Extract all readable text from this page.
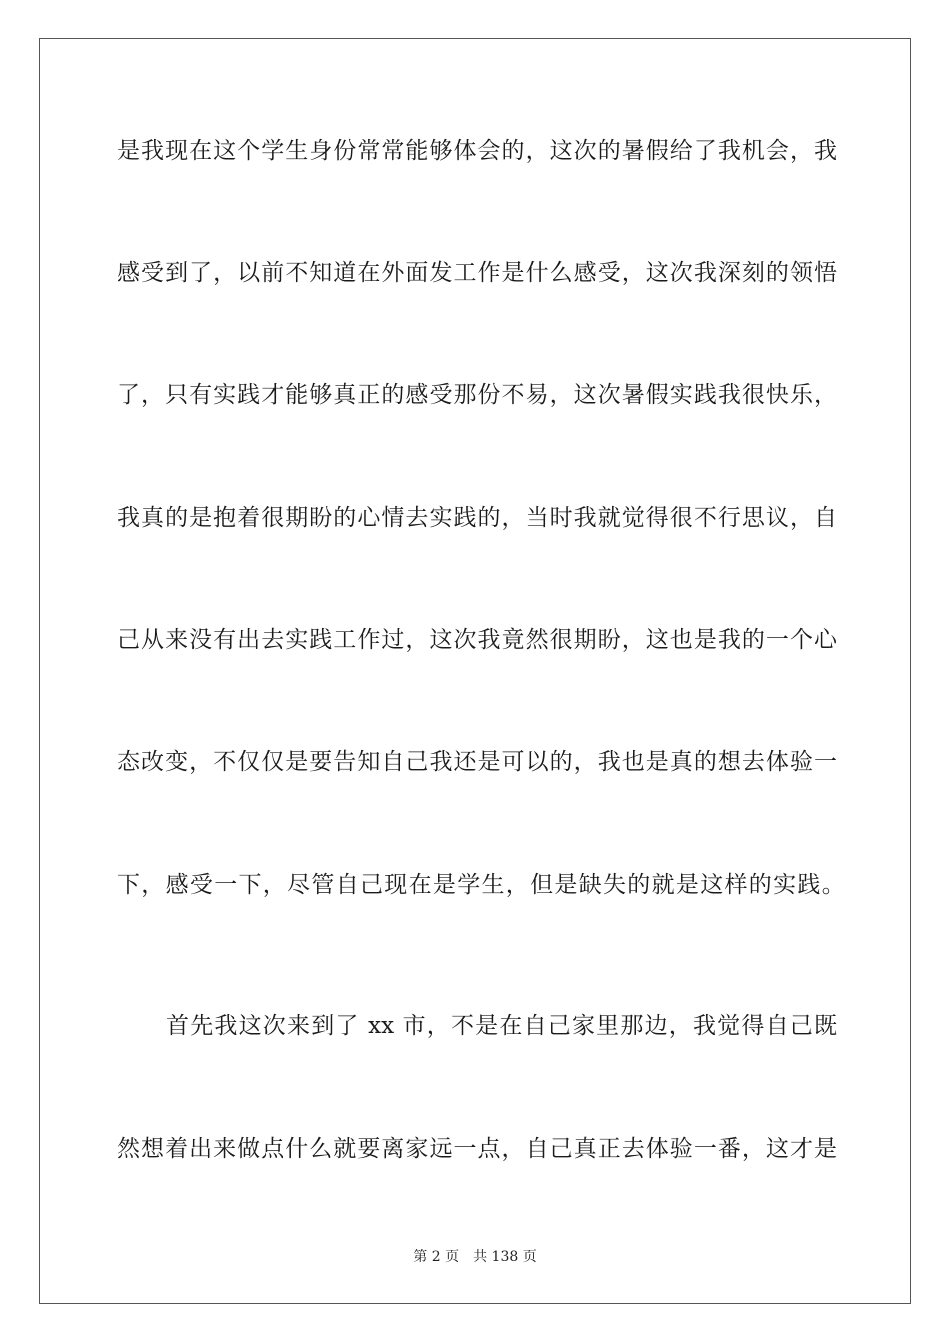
是我现在这个学生身份常常能够体会的，这次的暑假给了我机会，我
感受到了，以前不知道在外面发工作是什么感受，这次我深刻的领悟
了，只有实践才能够真正的感受那份不易，这次暑假实践我很快乐，
我真的是抱着很期盼的心情去实践的，当时我就觉得很不行思议，自
己从来没有出去实践工作过，这次我竟然很期盼，这也是我的一个心
态改变，不仅仅是要告知自己我还是可以的，我也是真的想去体验一
下，感受一下，尽管自己现在是学生，但是缺失的就是这样的实践。
首先我这次来到了 xx 市，不是在自己家里那边，我觉得自己既
然想着出来做点什么就要离家远一点，自己真正去体验一番，这才是
第 2 页 共 138 页
